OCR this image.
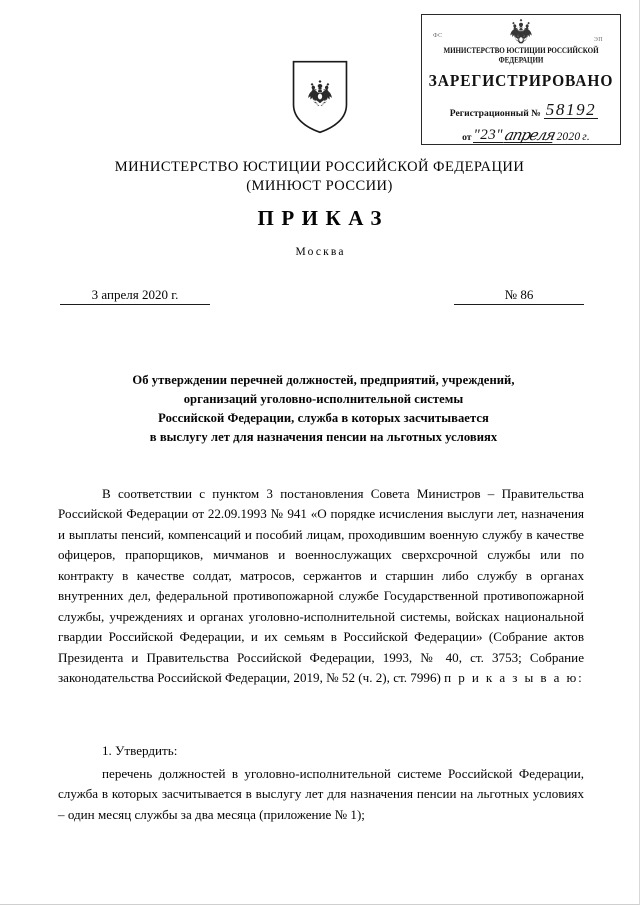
ФС
ЭП
МИНИСТЕРСТВО ЮСТИЦИИ РОССИЙСКОЙ ФЕДЕРАЦИИ
ЗАРЕГИСТРИРОВАНО
Регистрационный № 58192
от "23" апреля 2020 г.
МИНИСТЕРСТВО ЮСТИЦИИ РОССИЙСКОЙ ФЕДЕРАЦИИ
(МИНЮСТ РОССИИ)
ПРИКАЗ
Москва
3 апреля 2020 г.	№ 86
Об утверждении перечней должностей, предприятий, учреждений,
организаций уголовно-исполнительной системы
Российской Федерации, служба в которых засчитывается
в выслугу лет для назначения пенсии на льготных условиях

В соответствии с пунктом 3 постановления Совета Министров – Правительства Российской Федерации от 22.09.1993 № 941 «О порядке исчисления выслуги лет, назначения и выплаты пенсий, компенсаций и пособий лицам, проходившим военную службу в качестве офицеров, прапорщиков, мичманов и военнослужащих сверхсрочной службы или по контракту в качестве солдат, матросов, сержантов и старшин либо службу в органах внутренних дел, федеральной противопожарной службе Государственной противопожарной службы, учреждениях и органах уголовно-исполнительной системы, войсках национальной гвардии Российской Федерации, и их семьям в Российской Федерации» (Собрание актов Президента и Правительства Российской Федерации, 1993, № 40, ст. 3753; Собрание законодательства Российской Федерации, 2019, № 52 (ч. 2), ст. 7996) п р и к а з ы в а ю:

1. Утвердить:

перечень должностей в уголовно-исполнительной системе Российской Федерации, служба в которых засчитывается в выслугу лет для назначения пенсии на льготных условиях – один месяц службы за два месяца (приложение № 1);
